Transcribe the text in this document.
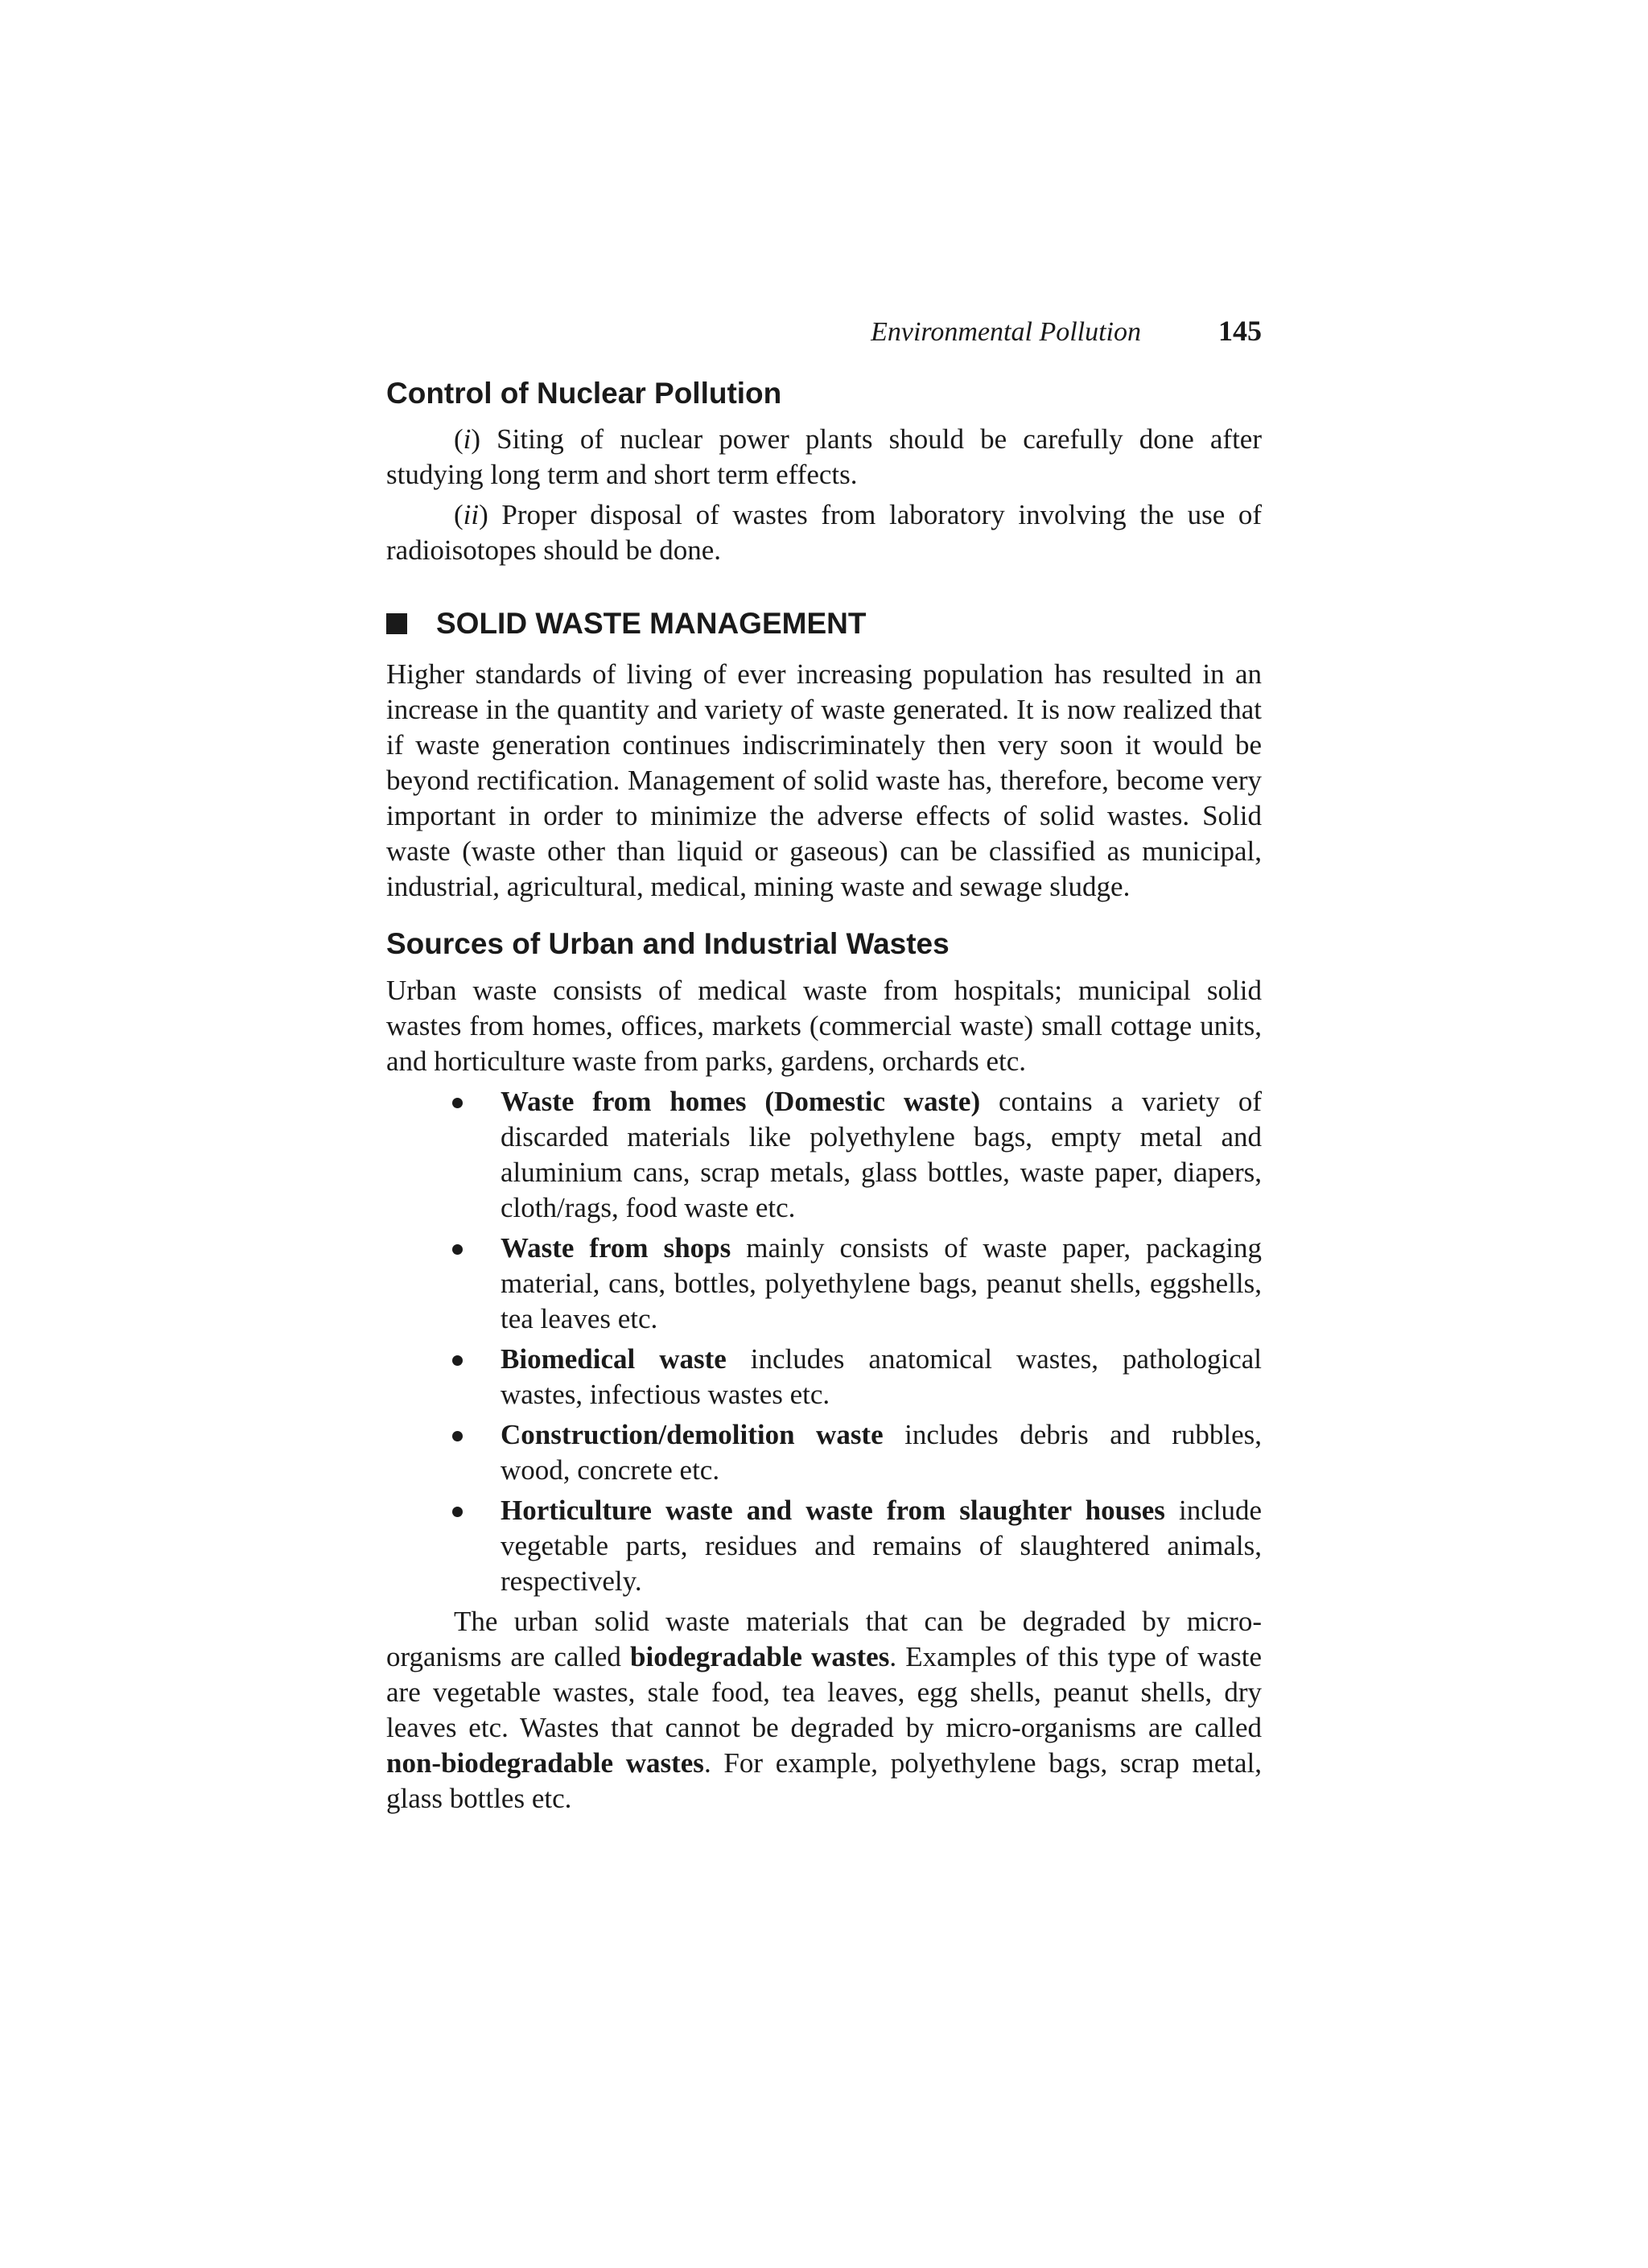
Environmental Pollution	145
Control of Nuclear Pollution

(i) Siting of nuclear power plants should be carefully done after studying long term and short term effects.

(ii) Proper disposal of wastes from laboratory involving the use of radioisotopes should be done.

SOLID WASTE MANAGEMENT

Higher standards of living of ever increasing population has resulted in an increase in the quantity and variety of waste generated. It is now realized that if waste generation continues indiscriminately then very soon it would be beyond rectification. Management of solid waste has, therefore, become very important in order to minimize the adverse effects of solid wastes. Solid waste (waste other than liquid or gaseous) can be classified as municipal, industrial, agricultural, medical, mining waste and sewage sludge.

Sources of Urban and Industrial Wastes

Urban waste consists of medical waste from hospitals; municipal solid wastes from homes, offices, markets (commercial waste) small cottage units, and horticulture waste from parks, gardens, orchards etc.

Waste from homes (Domestic waste) contains a variety of discarded materials like polyethylene bags, empty metal and aluminium cans, scrap metals, glass bottles, waste paper, diapers, cloth/rags, food waste etc.
Waste from shops mainly consists of waste paper, packaging material, cans, bottles, polyethylene bags, peanut shells, eggshells, tea leaves etc.
Biomedical waste includes anatomical wastes, pathological wastes, infectious wastes etc.
Construction/demolition waste includes debris and rubbles, wood, concrete etc.
Horticulture waste and waste from slaughter houses include vegetable parts, residues and remains of slaughtered animals, respectively.

The urban solid waste materials that can be degraded by micro-organisms are called biodegradable wastes. Examples of this type of waste are vegetable wastes, stale food, tea leaves, egg shells, peanut shells, dry leaves etc. Wastes that cannot be degraded by micro-organisms are called non-biodegradable wastes. For example, polyethylene bags, scrap metal, glass bottles etc.
